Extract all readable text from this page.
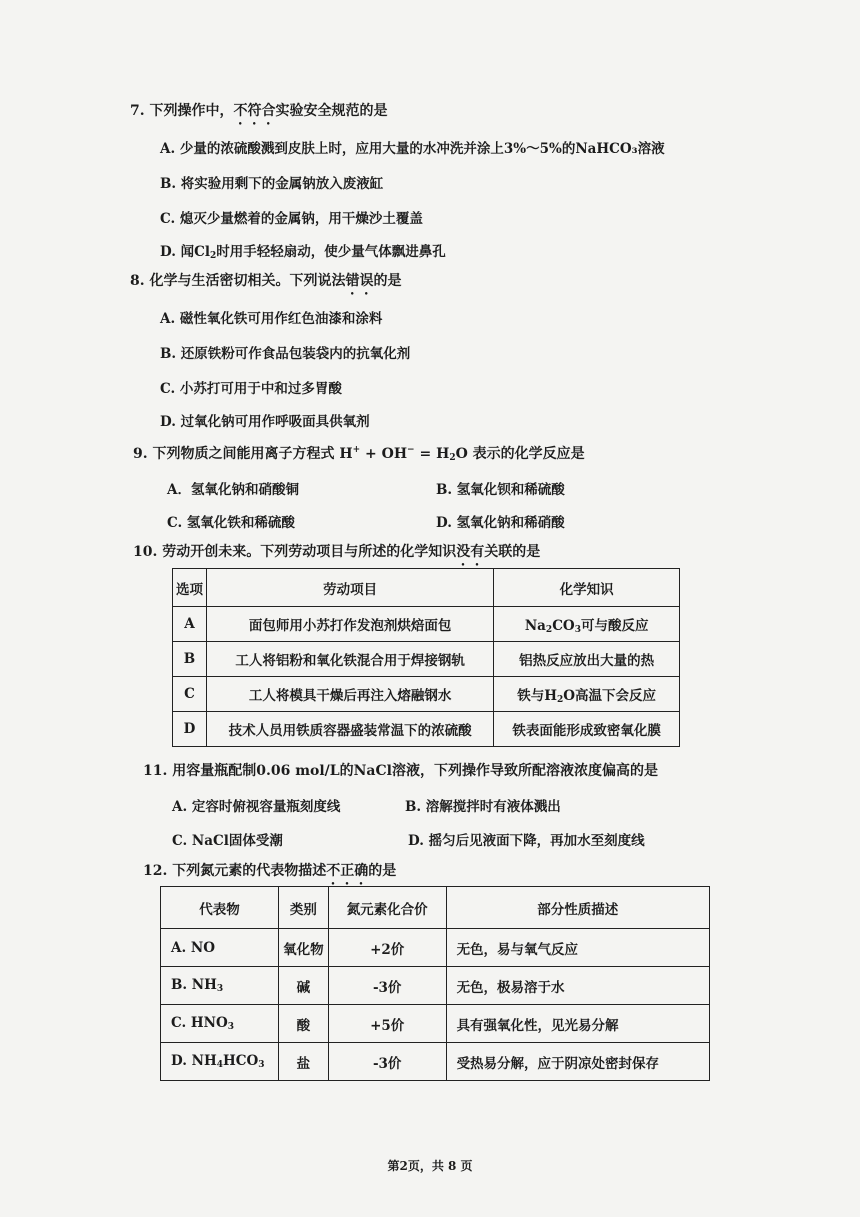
7. 下列操作中，不符合实验安全规范的是
A. 少量的浓硫酸溅到皮肤上时，应用大量的水冲洗并涂上3%～5%的NaHCO₃溶液
B. 将实验用剩下的金属钠放入废液缸
C. 熄灭少量燃着的金属钠，用干燥沙土覆盖
D. 闻$Cl_2$时用手轻轻扇动，使少量气体飘进鼻孔
8. 化学与生活密切相关。下列说法错误的是
A. 磁性氧化铁可用作红色油漆和涂料
B. 还原铁粉可作食品包装袋内的抗氧化剂
C. 小苏打可用于中和过多胃酸
D. 过氧化钠可用作呼吸面具供氧剂
9. 下列物质之间能用离子方程式 $H^+ + OH^- = H_2O$ 表示的化学反应是
A．氢氧化钠和硝酸铜	B. 氢氧化钡和稀硫酸
C. 氢氧化铁和稀硫酸	D. 氢氧化钠和稀硝酸
10. 劳动开创未来。下列劳动项目与所述的化学知识没有关联的是
选项	劳动项目	化学知识
A	面包师用小苏打作发泡剂烘焙面包	$Na_2CO_3$可与酸反应
B	工人将铝粉和氧化铁混合用于焊接钢轨	铝热反应放出大量的热
C	工人将模具干燥后再注入熔融钢水	铁与$H_2O$高温下会反应
D	技术人员用铁质容器盛装常温下的浓硫酸	铁表面能形成致密氧化膜
11. 用容量瓶配制0.06 mol/L的NaCl溶液，下列操作导致所配溶液浓度偏高的是
A. 定容时俯视容量瓶刻度线	B. 溶解搅拌时有液体溅出
C. NaCl固体受潮	D. 摇匀后见液面下降，再加水至刻度线
12. 下列氮元素的代表物描述不正确的是
代表物	类别	氮元素化合价	部分性质描述
A. NO	氧化物	+2价	无色，易与氧气反应
B. $NH_3$	碱	-3价	无色，极易溶于水
C. $HNO_3$	酸	+5价	具有强氧化性，见光易分解
D. $NH_4HCO_3$	盐	-3价	受热易分解，应于阴凉处密封保存
第2页，共 8 页
